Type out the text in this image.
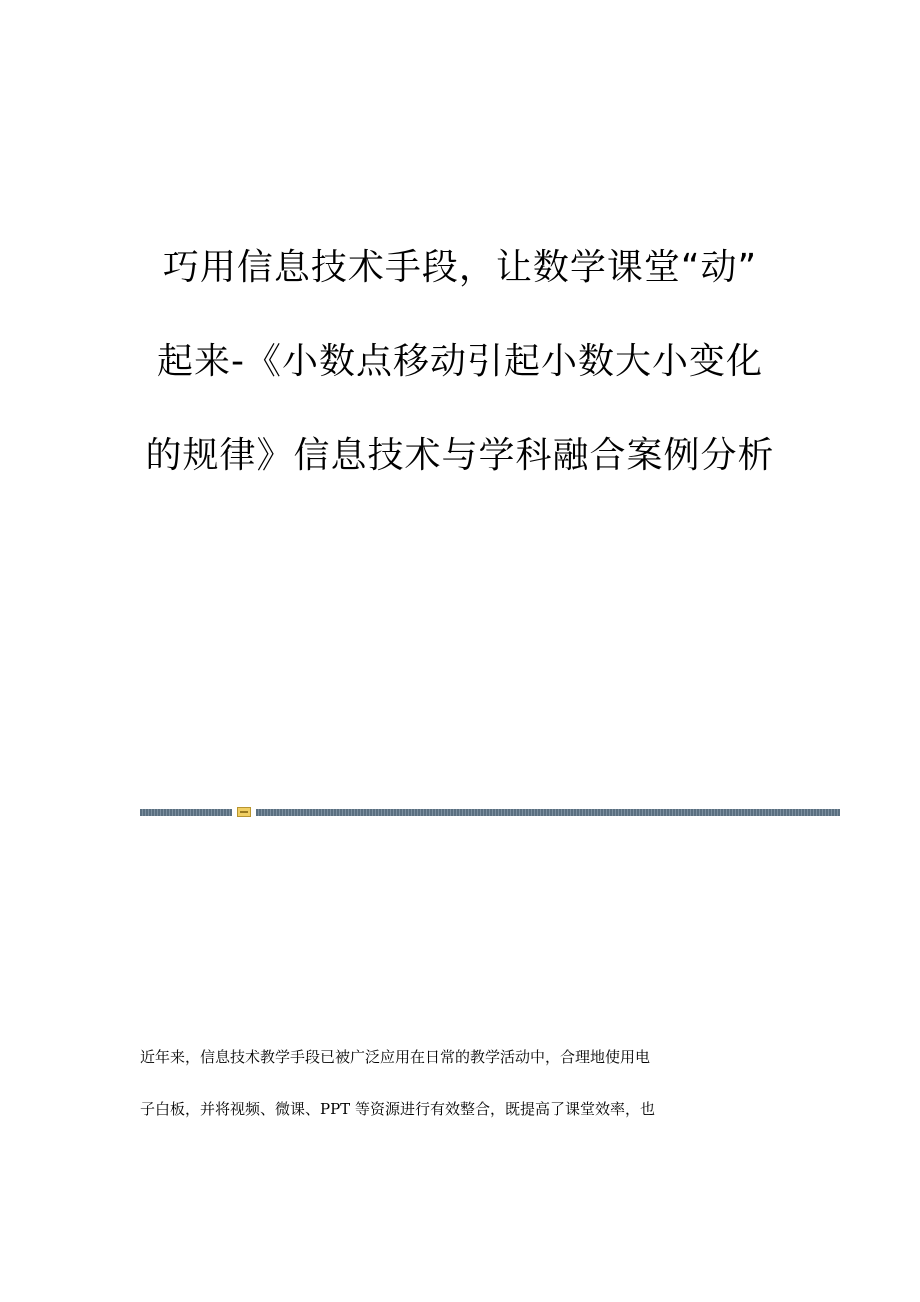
巧用信息技术手段，让数学课堂“动”
起来-《小数点移动引起小数大小变化
的规律》信息技术与学科融合案例分析
近年来，信息技术教学手段已被广泛应用在日常的教学活动中，合理地使用电
子白板，并将视频、微课、PPT 等资源进行有效整合，既提高了课堂效率，也
